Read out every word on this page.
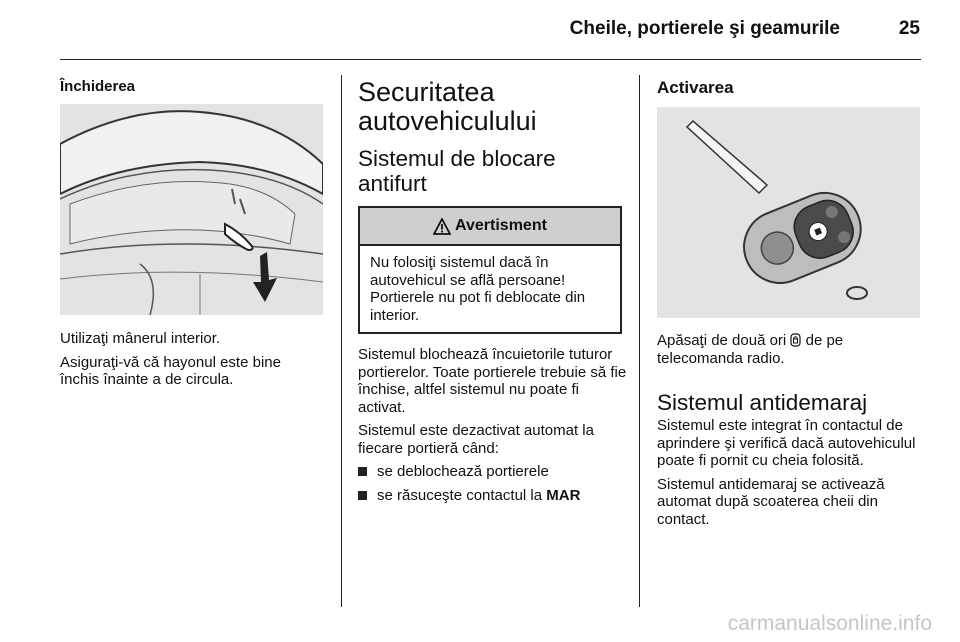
Cheile, portierele şi geamurile	25
Închiderea

Utilizaţi mânerul interior.

Asiguraţi-vă că hayonul este bine închis înainte a de circula.

Securitatea autovehiculului
Sistemul de blocare antifurt
Avertisment
Nu folosiţi sistemul dacă în autovehicul se află persoane! Portierele nu pot fi deblocate din interior.

Sistemul blochează încuietorile tuturor portierelor. Toate portierele trebuie să fie închise, altfel sistemul nu poate fi activat.

Sistemul este dezactivat automat la fiecare portieră când:

se deblochează portierele
se răsuceşte contactul la MAR
Activarea
Apăsaţi de două ori de pe telecomanda radio.
Sistemul antidemaraj

Sistemul este integrat în contactul de aprindere şi verifică dacă autovehiculul poate fi pornit cu cheia folosită.

Sistemul antidemaraj se activează automat după scoaterea cheii din contact.

carmanualsonline.info
